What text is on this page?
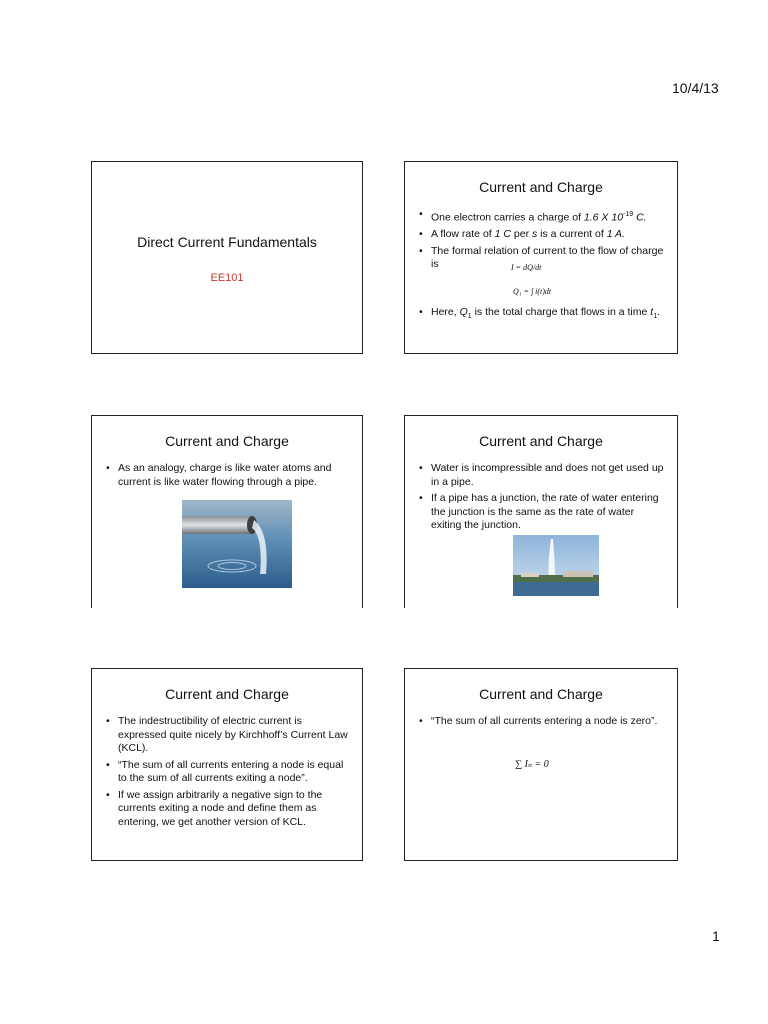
10/4/13
Direct Current Fundamentals
EE101
Current and Charge
• One electron carries a charge of 1.6 X $10^{-19}$ C.
• A flow rate of 1 C per s is a current of 1 A.
• The formal relation of current to the flow of charge is
• Here, $Q_1$ is the total charge that flows in a time $t_1$.
I = dQ/dt
Q₁ = ∫ i(t)dt
Current and Charge
• As an analogy, charge is like water atoms and current is like water flowing through a pipe.
Current and Charge
• Water is incompressible and does not get used up in a pipe.
• If a pipe has a junction, the rate of water entering the junction is the same as the rate of water exiting the junction.
Current and Charge
• The indestructibility of electric current is expressed quite nicely by Kirchhoff’s Current Law (KCL).
• “The sum of all currents entering a node is equal to the sum of all currents exiting a node”.
• If we assign arbitrarily a negative sign to the currents exiting a node and define them as entering, we get another version of KCL.
Current and Charge
• “The sum of all currents entering a node is zero”.
∑ Iₙ = 0
1
